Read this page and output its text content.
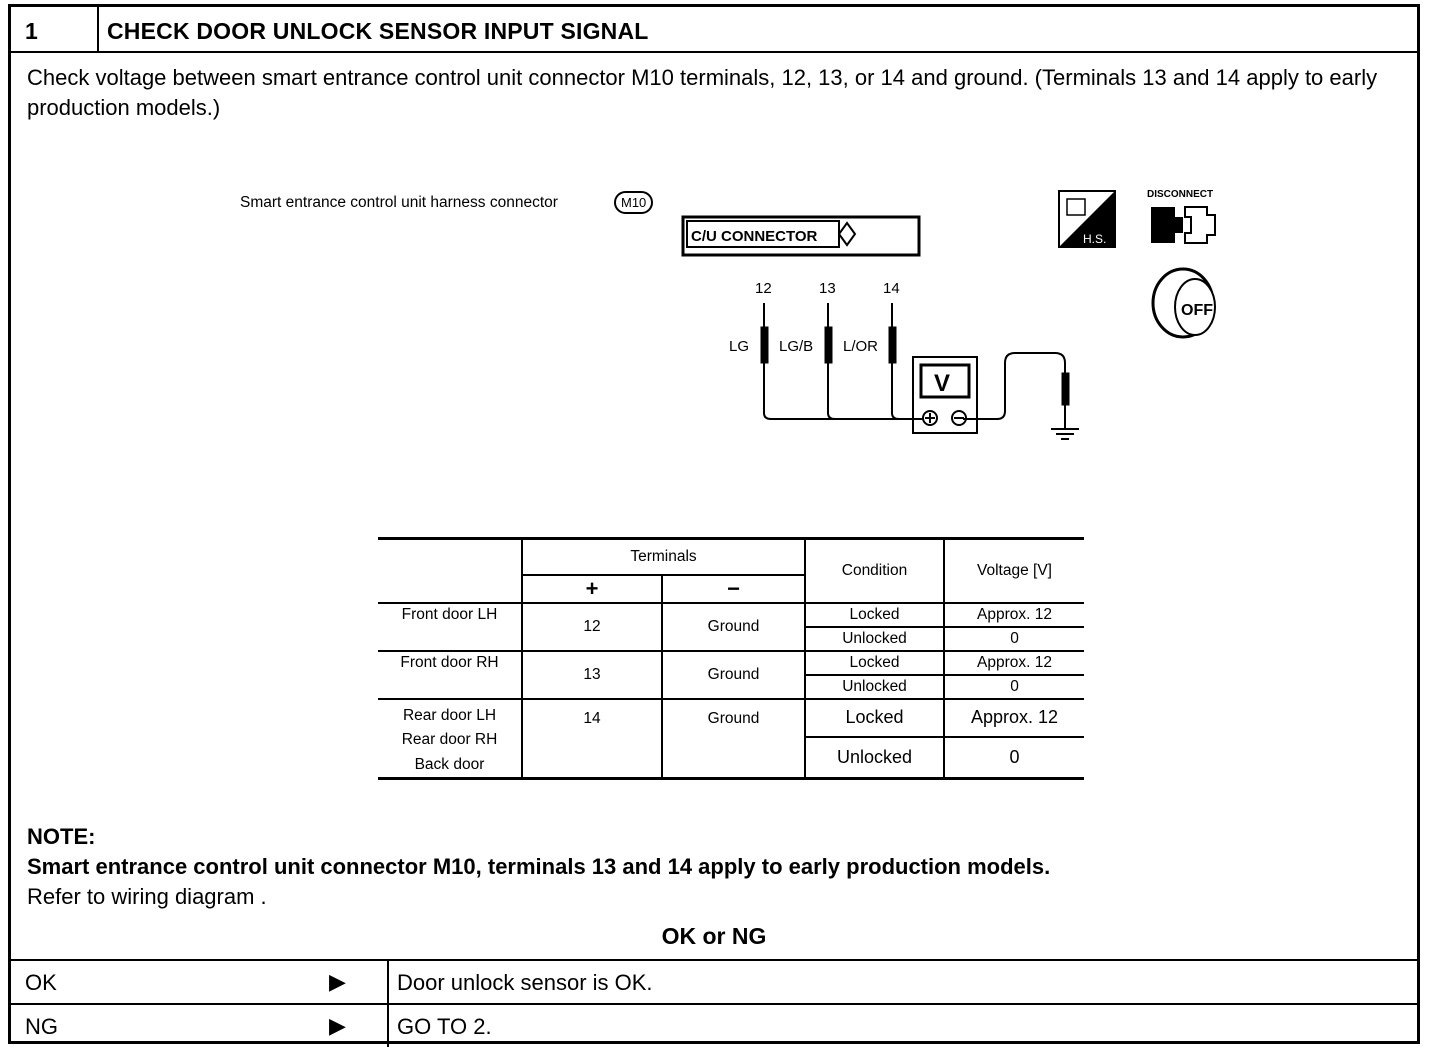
1	CHECK DOOR UNLOCK SENSOR INPUT SIGNAL
Check voltage between smart entrance control unit connector M10 terminals, 12, 13, or 14 and ground. (Terminals 13 and 14 apply to early production models.)
Smart entrance control unit harness connector	M10
C/U CONNECTOR
12	13	14
LG LG/B L/OR
V
H.S.
DISCONNECT
OFF
	Terminals		Condition	Voltage [V]
	+	−		
Front door LH	12	Ground	Locked	Approx. 12
			Unlocked	0
Front door RH	13	Ground	Locked	Approx. 12
			Unlocked	0

Rear door LH
Rear door RH
Back door	14	Ground	Locked	Approx. 12
			Unlocked	0
NOTE:
Smart entrance control unit connector M10, terminals 13 and 14 apply to early production models.
Refer to wiring diagram .
OK or NG
OK	▶ Door unlock sensor is OK.
NG	▶ GO TO 2.
